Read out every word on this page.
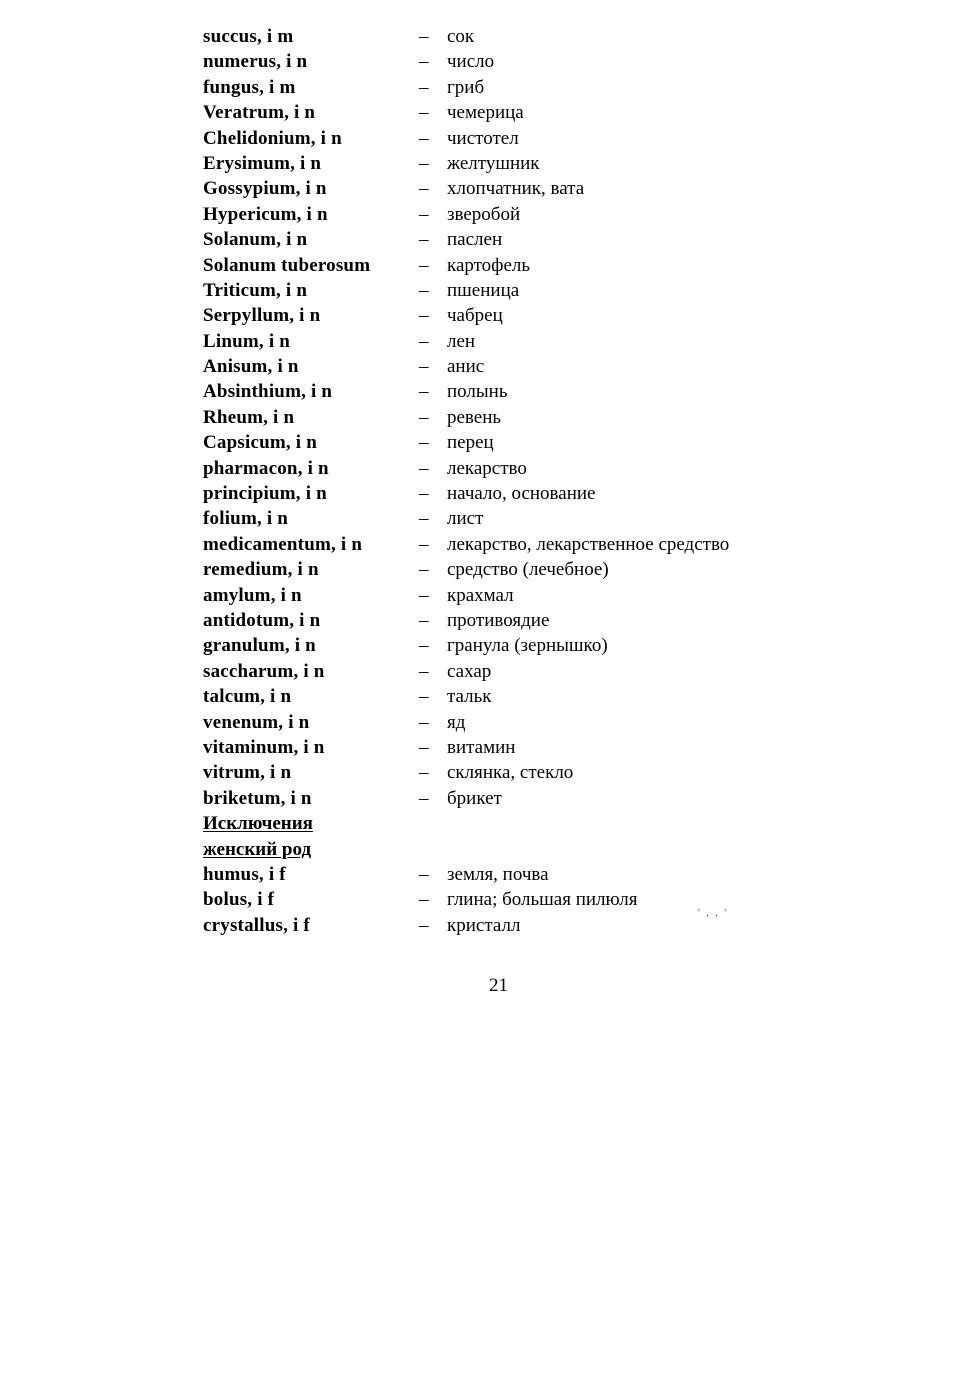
succus, i m	– сок
numerus, i n	– число
fungus, i m	– гриб
Veratrum, i n	– чемерица
Chelidonium, i n	– чистотел
Erysimum, i n	– желтушник
Gossypium, i n	– хлопчатник, вата
Hypericum, i n	– зверобой
Solanum, i n	– паслен
Solanum tuberosum	– картофель
Triticum, i n	– пшеница
Serpyllum, i n	– чабрец
Linum, i n	– лен
Anisum, i n	– анис
Absinthium, i n	– полынь
Rheum, i n	– ревень
Capsicum, i n	– перец
pharmacon, i n	– лекарство
principium, i n	– начало, основание
folium, i n	– лист
medicamentum, i n	– лекарство, лекарственное средство
remedium, i n	– средство (лечебное)
amylum, i n	– крахмал
antidotum, i n	– противоядие
granulum, i n	– гранула (зернышко)
saccharum, i n	– сахар
talcum, i n	– тальк
venenum, i n	– яд
vitaminum, i n	– витамин
vitrum, i n	– склянка, стекло
briketum, i n	– брикет
Исключения
женский род
humus, i f	– земля, почва
bolus, i f	– глина; большая пилюля
crystallus, i f	– кристалл
' . . '
21
